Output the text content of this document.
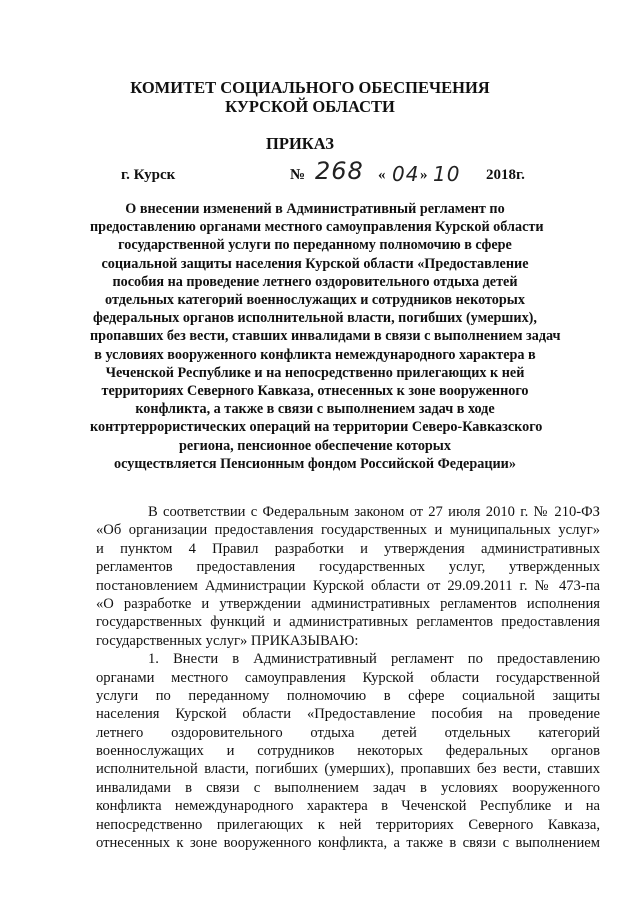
КОМИТЕТ СОЦИАЛЬНОГО ОБЕСПЕЧЕНИЯ
КУРСКОЙ ОБЛАСТИ
ПРИКАЗ
г. Курск	№ 268 « 04 » 10 2018г.
О внесении изменений в Административный регламент по
предоставлению органами местного самоуправления Курской области
государственной услуги по переданному полномочию в сфере
социальной защиты населения Курской области «Предоставление
пособия на проведение летнего оздоровительного отдыха детей
отдельных категорий военнослужащих и сотрудников некоторых
федеральных органов исполнительной власти, погибших (умерших),
пропавших без вести, ставших инвалидами в связи с выполнением задач
в условиях вооруженного конфликта немеждународного характера в
Чеченской Республике и на непосредственно прилегающих к ней
территориях Северного Кавказа, отнесенных к зоне вооруженного
конфликта, а также в связи с выполнением задач в ходе
контртеррористических операций на территории Северо-Кавказского
региона, пенсионное обеспечение которых
осуществляется Пенсионным фондом Российской Федерации»
В соответствии с Федеральным законом от 27 июля 2010 г. № 210-ФЗ
«Об организации предоставления государственных и муниципальных услуг»
и пунктом 4 Правил разработки и утверждения административных
регламентов предоставления государственных услуг, утвержденных
постановлением Администрации Курской области от 29.09.2011 г. № 473-па
«О разработке и утверждении административных регламентов исполнения
государственных функций и административных регламентов предоставления
государственных услуг» ПРИКАЗЫВАЮ:
1. Внести в Административный регламент по предоставлению
органами местного самоуправления Курской области государственной
услуги по переданному полномочию в сфере социальной защиты
населения Курской области «Предоставление пособия на проведение
летнего оздоровительного отдыха детей отдельных категорий
военнослужащих и сотрудников некоторых федеральных органов
исполнительной власти, погибших (умерших), пропавших без вести, ставших
инвалидами в связи с выполнением задач в условиях вооруженного
конфликта немеждународного характера в Чеченской Республике и на
непосредственно прилегающих к ней территориях Северного Кавказа,
отнесенных к зоне вооруженного конфликта, а также в связи с выполнением
